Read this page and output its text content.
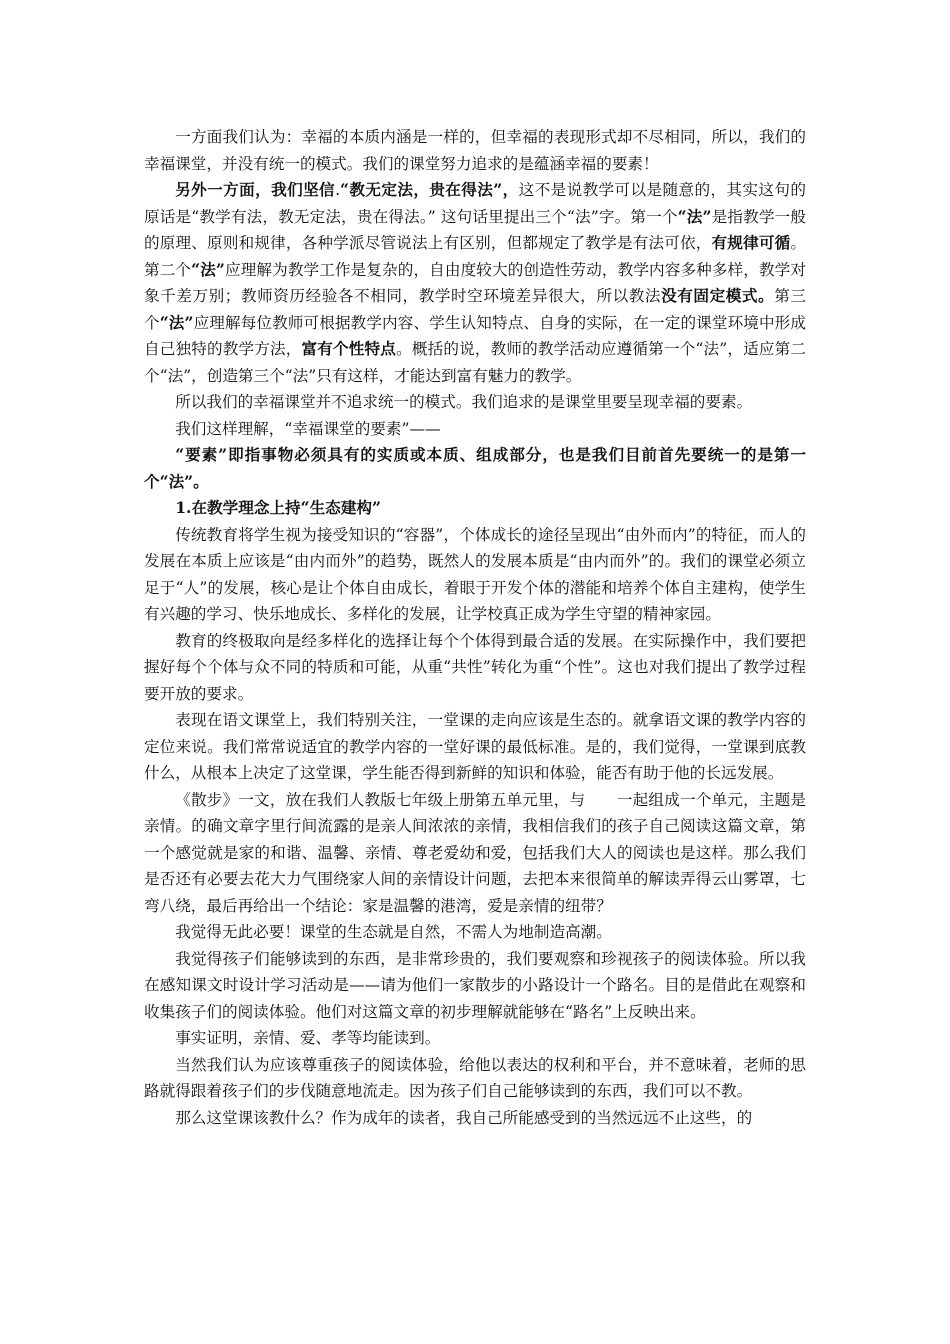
一方面我们认为：幸福的本质内涵是一样的，但幸福的表现形式却不尽相同，所以，我们的幸福课堂，并没有统一的模式。我们的课堂努力追求的是蕴涵幸福的要素！

另外一方面，我们坚信.“教无定法，贵在得法”，这不是说教学可以是随意的，其实这句的原话是“教学有法，教无定法，贵在得法。” 这句话里提出三个“法”字。第一个“法”是指教学一般的原理、原则和规律，各种学派尽管说法上有区别，但都规定了教学是有法可依，有规律可循。第二个“法”应理解为教学工作是复杂的，自由度较大的创造性劳动，教学内容多种多样，教学对象千差万别；教师资历经验各不相同，教学时空环境差异很大，所以教法没有固定模式。第三个“法”应理解每位教师可根据教学内容、学生认知特点、自身的实际，在一定的课堂环境中形成自己独特的教学方法，富有个性特点。概括的说，教师的教学活动应遵循第一个“法”，适应第二个“法”，创造第三个“法”只有这样，才能达到富有魅力的教学。

所以我们的幸福课堂并不追求统一的模式。我们追求的是课堂里要呈现幸福的要素。

我们这样理解，“幸福课堂的要素”——

“要素”即指事物必须具有的实质或本质、组成部分，也是我们目前首先要统一的是第一个“法”。

1.在教学理念上持“生态建构”

传统教育将学生视为接受知识的“容器”，个体成长的途径呈现出“由外而内”的特征，而人的发展在本质上应该是“由内而外”的趋势，既然人的发展本质是“由内而外”的。我们的课堂必须立足于“人”的发展，核心是让个体自由成长，着眼于开发个体的潜能和培养个体自主建构，使学生有兴趣的学习、快乐地成长、多样化的发展，让学校真正成为学生守望的精神家园。

教育的终极取向是经多样化的选择让每个个体得到最合适的发展。在实际操作中，我们要把握好每个个体与众不同的特质和可能，从重“共性”转化为重“个性”。这也对我们提出了教学过程要开放的要求。

表现在语文课堂上，我们特别关注，一堂课的走向应该是生态的。就拿语文课的教学内容的定位来说。我们常常说适宜的教学内容的一堂好课的最低标准。是的，我们觉得，一堂课到底教什么，从根本上决定了这堂课，学生能否得到新鲜的知识和体验，能否有助于他的长远发展。

《散步》一文，放在我们人教版七年级上册第五单元里，与　　一起组成一个单元，主题是亲情。的确文章字里行间流露的是亲人间浓浓的亲情，我相信我们的孩子自己阅读这篇文章，第一个感觉就是家的和谐、温馨、亲情、尊老爱幼和爱，包括我们大人的阅读也是这样。那么我们是否还有必要去花大力气围绕家人间的亲情设计问题，去把本来很简单的解读弄得云山雾罩，七弯八绕，最后再给出一个结论：家是温馨的港湾，爱是亲情的纽带？

我觉得无此必要！课堂的生态就是自然，不需人为地制造高潮。

我觉得孩子们能够读到的东西，是非常珍贵的，我们要观察和珍视孩子的阅读体验。所以我在感知课文时设计学习活动是——请为他们一家散步的小路设计一个路名。目的是借此在观察和收集孩子们的阅读体验。他们对这篇文章的初步理解就能够在“路名”上反映出来。

事实证明，亲情、爱、孝等均能读到。

当然我们认为应该尊重孩子的阅读体验，给他以表达的权利和平台，并不意味着，老师的思路就得跟着孩子们的步伐随意地流走。因为孩子们自己能够读到的东西，我们可以不教。

那么这堂课该教什么？作为成年的读者，我自己所能感受到的当然远远不止这些，的
